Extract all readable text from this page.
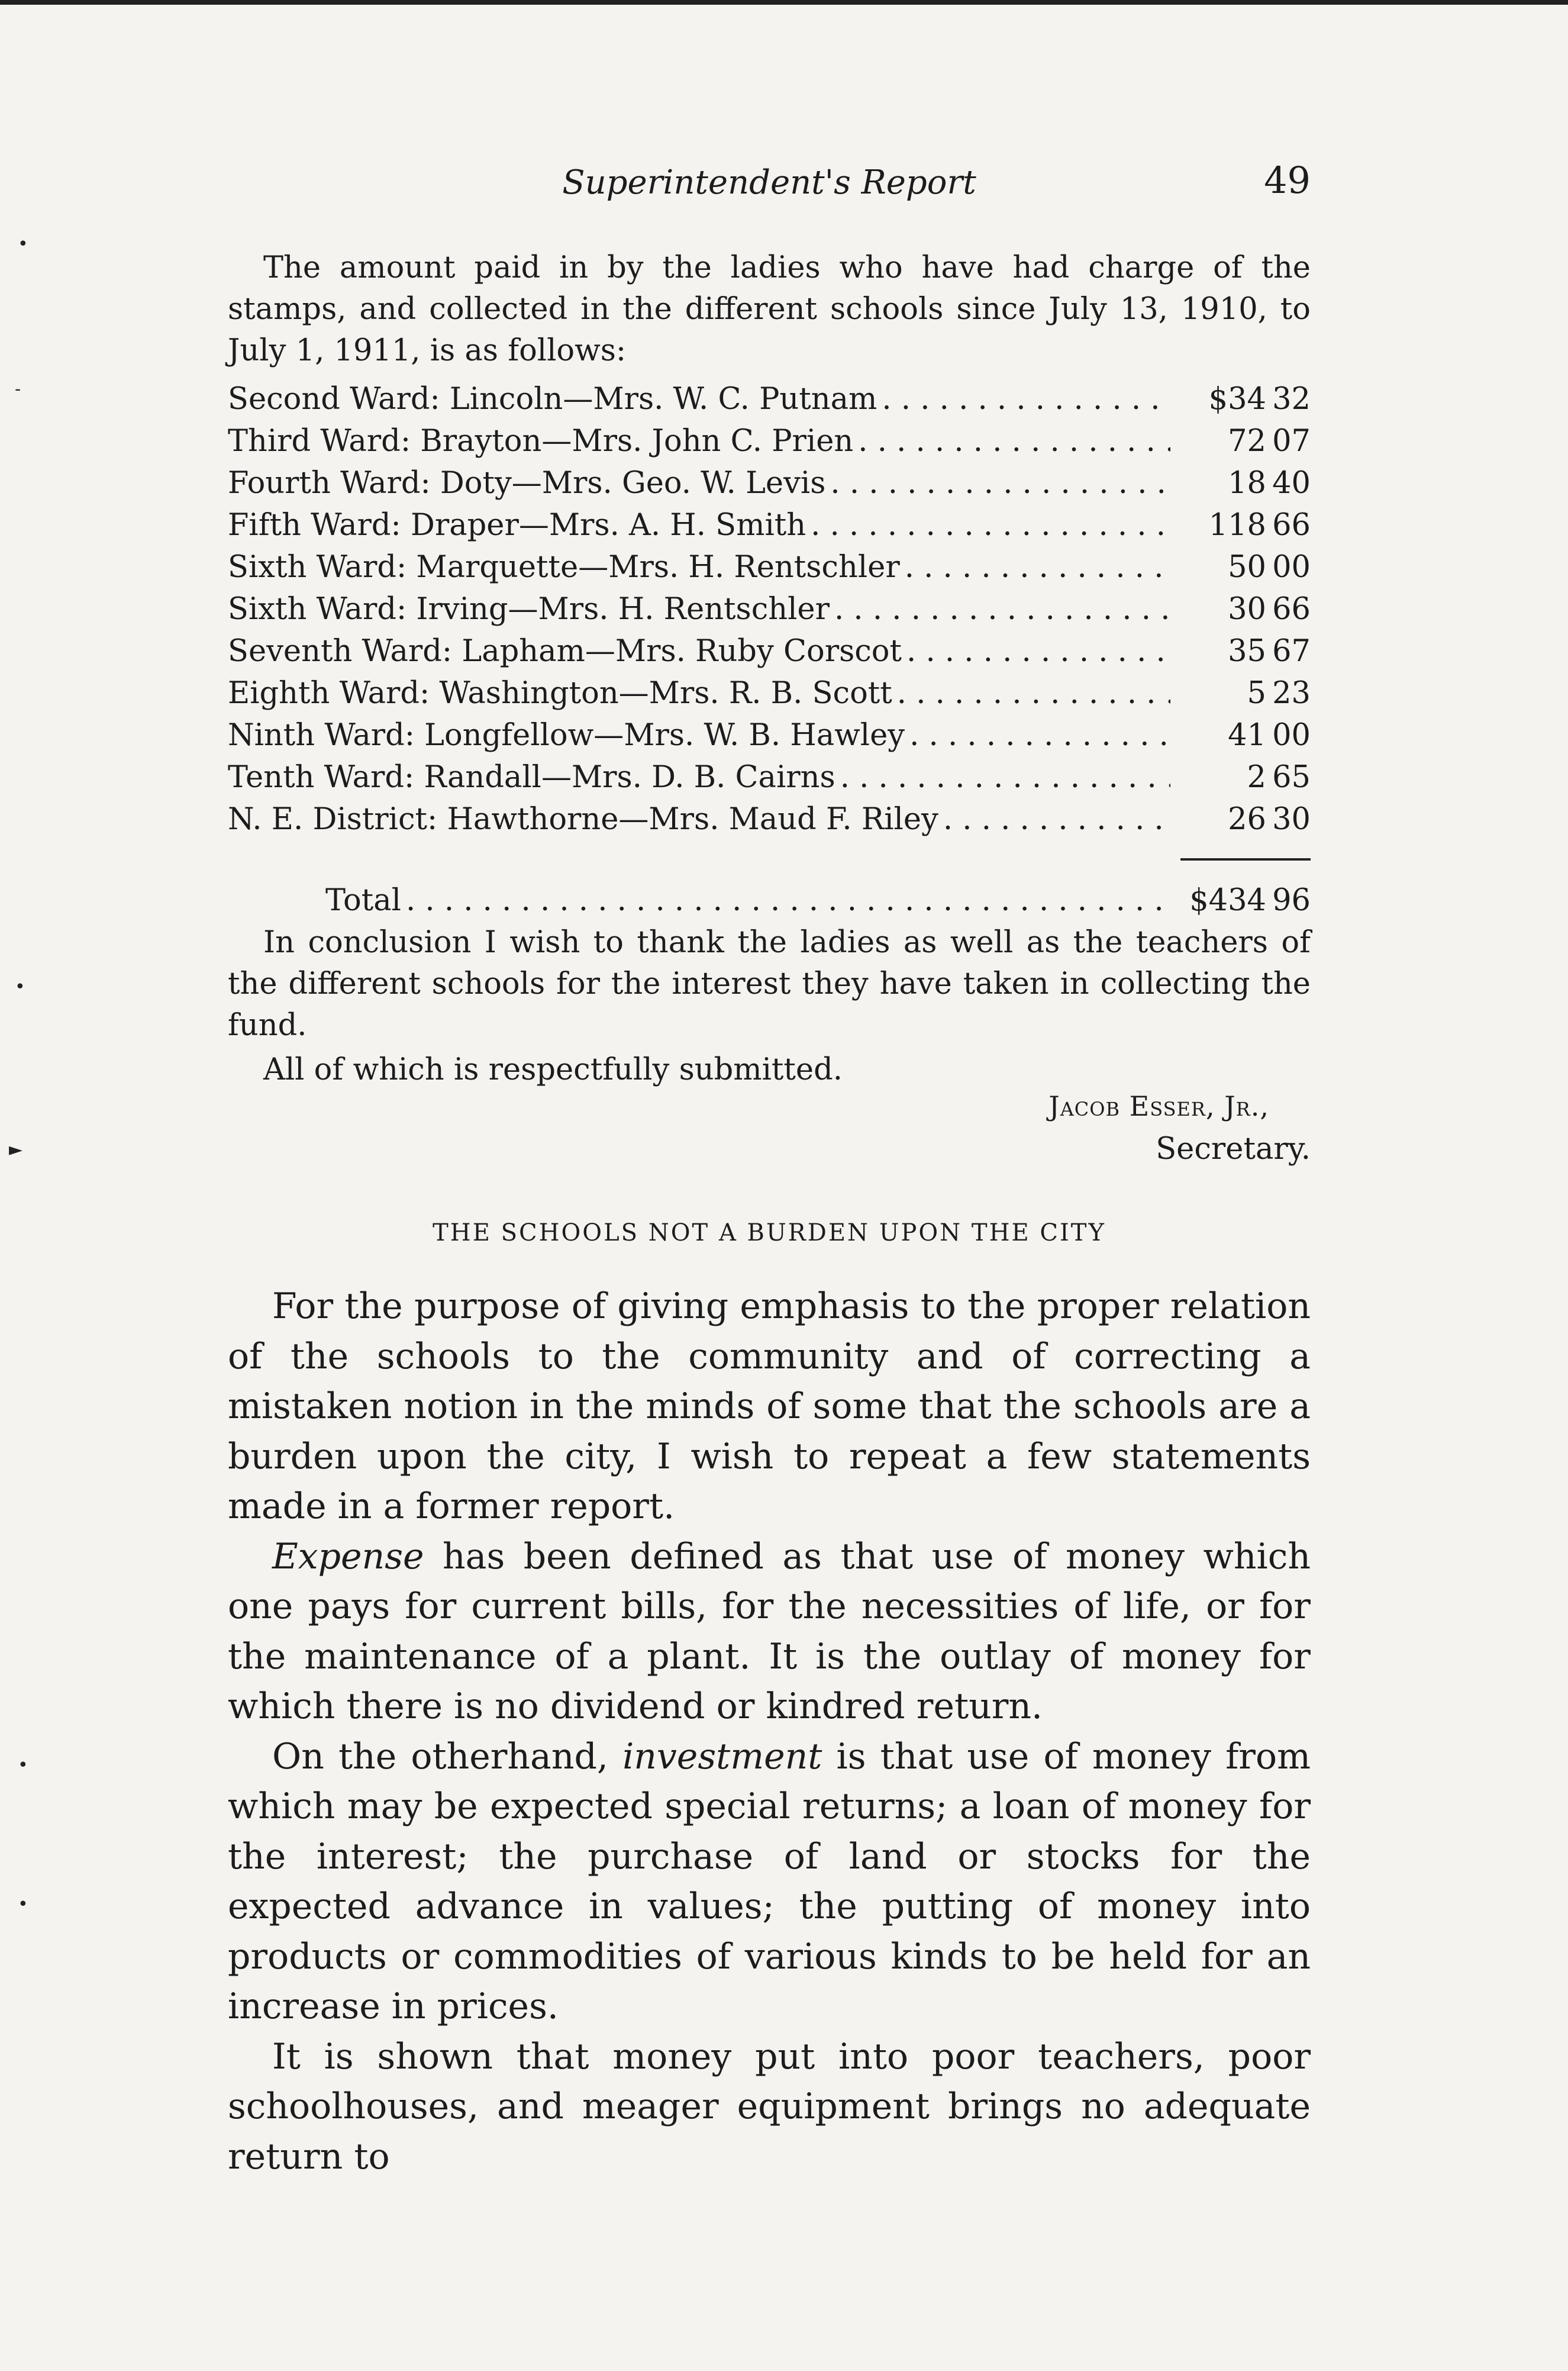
Superintendent's Report	49
The amount paid in by the ladies who have had charge of the stamps, and collected in the different schools since July 13, 1910, to July 1, 1911, is as follows:
Second Ward: Lincoln—Mrs. W. C. Putnam . . .	$34 32
Third Ward: Brayton—Mrs. John C. Prien . . .	72 07
Fourth Ward: Doty—Mrs. Geo. W. Levis . . .	18 40
Fifth Ward: Draper—Mrs. A. H. Smith . . .	118 66
Sixth Ward: Marquette—Mrs. H. Rentschler . . .	50 00
Sixth Ward: Irving—Mrs. H. Rentschler . . .	30 66
Seventh Ward: Lapham—Mrs. Ruby Corscot . . .	35 67
Eighth Ward: Washington—Mrs. R. B. Scott . . .	5 23
Ninth Ward: Longfellow—Mrs. W. B. Hawley . . .	41 00
Tenth Ward: Randall—Mrs. D. B. Cairns . . .	2 65
N. E. District: Hawthorne—Mrs. Maud F. Riley . . .	26 30
Total . . .	$434 96
In conclusion I wish to thank the ladies as well as the teachers of the different schools for the interest they have taken in collecting the fund.
All of which is respectfully submitted.
Jacob Esser, Jr.,
Secretary.
THE SCHOOLS NOT A BURDEN UPON THE CITY

For the purpose of giving emphasis to the proper relation of the schools to the community and of correcting a mistaken notion in the minds of some that the schools are a burden upon the city, I wish to repeat a few statements made in a former report.

Expense has been defined as that use of money which one pays for current bills, for the necessities of life, or for the maintenance of a plant. It is the outlay of money for which there is no dividend or kindred return.

On the otherhand, investment is that use of money from which may be expected special returns; a loan of money for the interest; the purchase of land or stocks for the expected advance in values; the putting of money into products or commodities of various kinds to be held for an increase in prices.

It is shown that money put into poor teachers, poor schoolhouses, and meager equipment brings no adequate return to

•
-
•
►
•
•
